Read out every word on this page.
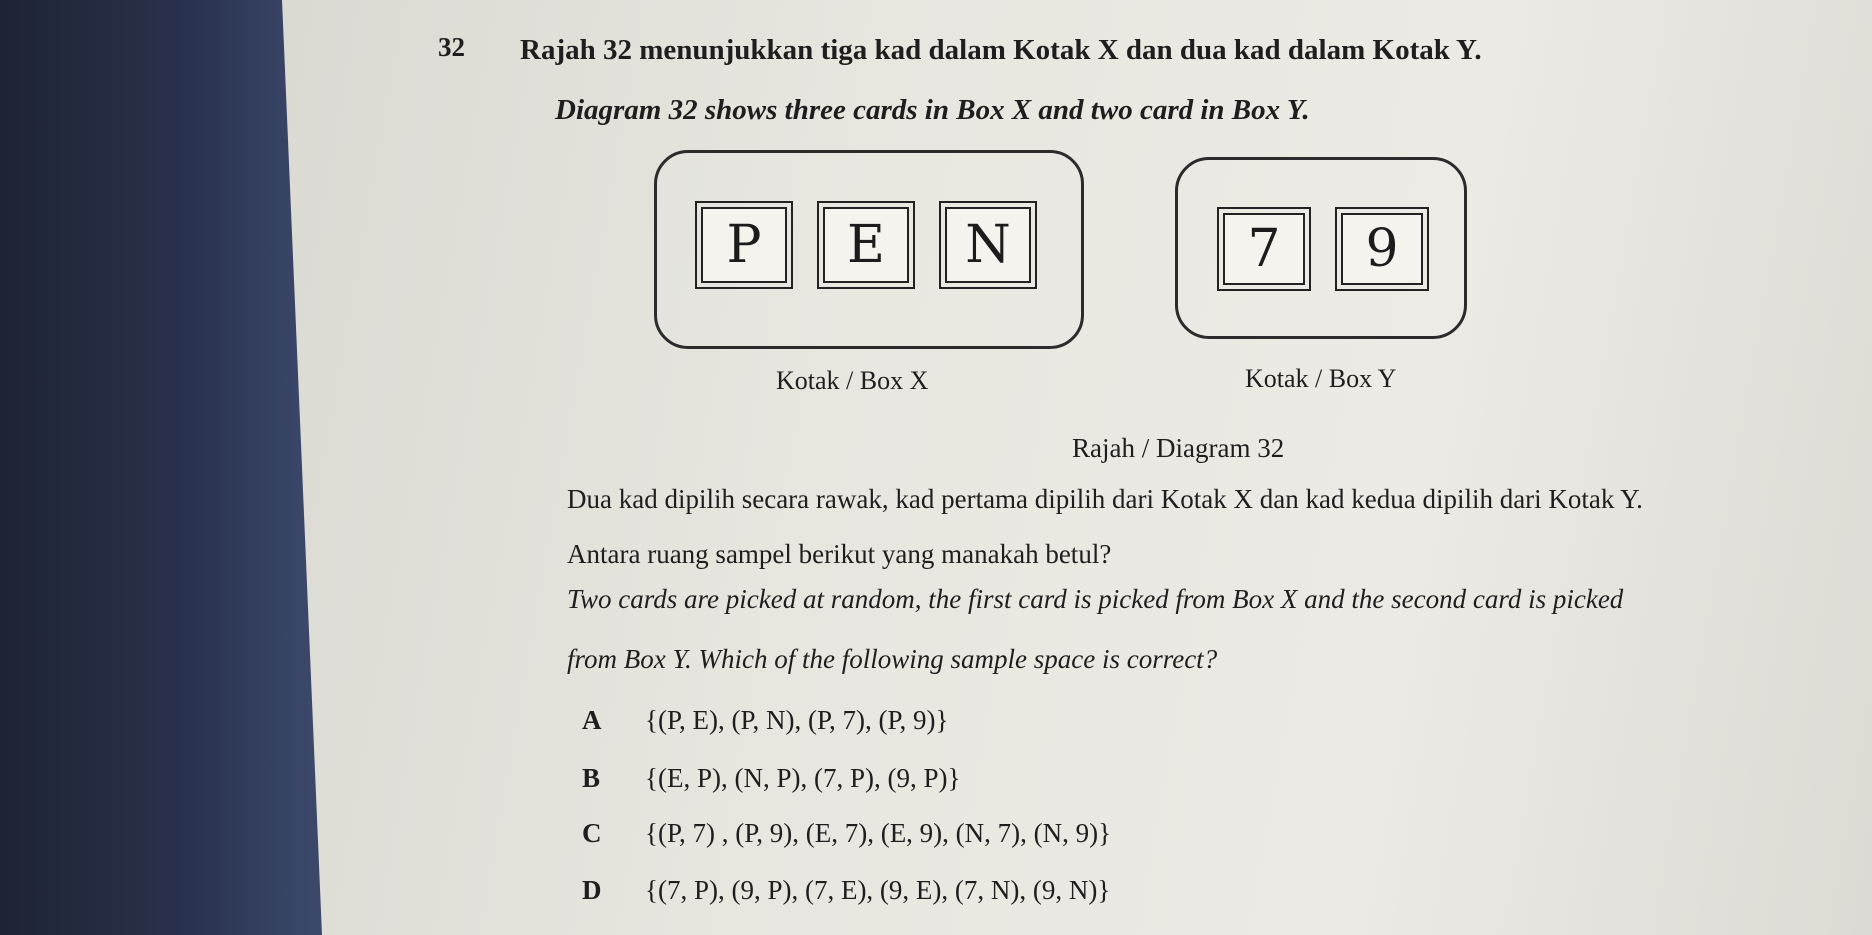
32 Rajah 32 menunjukkan tiga kad dalam Kotak X dan dua kad dalam Kotak Y.
Diagram 32 shows three cards in Box X and two card in Box Y.
P	E	N	7	9
Kotak / Box X	Kotak / Box Y
Rajah / Diagram 32
Dua kad dipilih secara rawak, kad pertama dipilih dari Kotak X dan kad kedua dipilih dari Kotak Y.
Antara ruang sampel berikut yang manakah betul?
Two cards are picked at random, the first card is picked from Box X and the second card is picked
from Box Y. Which of the following sample space is correct?
A {(P, E), (P, N), (P, 7), (P, 9)}
B {(E, P), (N, P), (7, P), (9, P)}
C {(P, 7) , (P, 9), (E, 7), (E, 9), (N, 7), (N, 9)}
D {(7, P), (9, P), (7, E), (9, E), (7, N), (9, N)}
